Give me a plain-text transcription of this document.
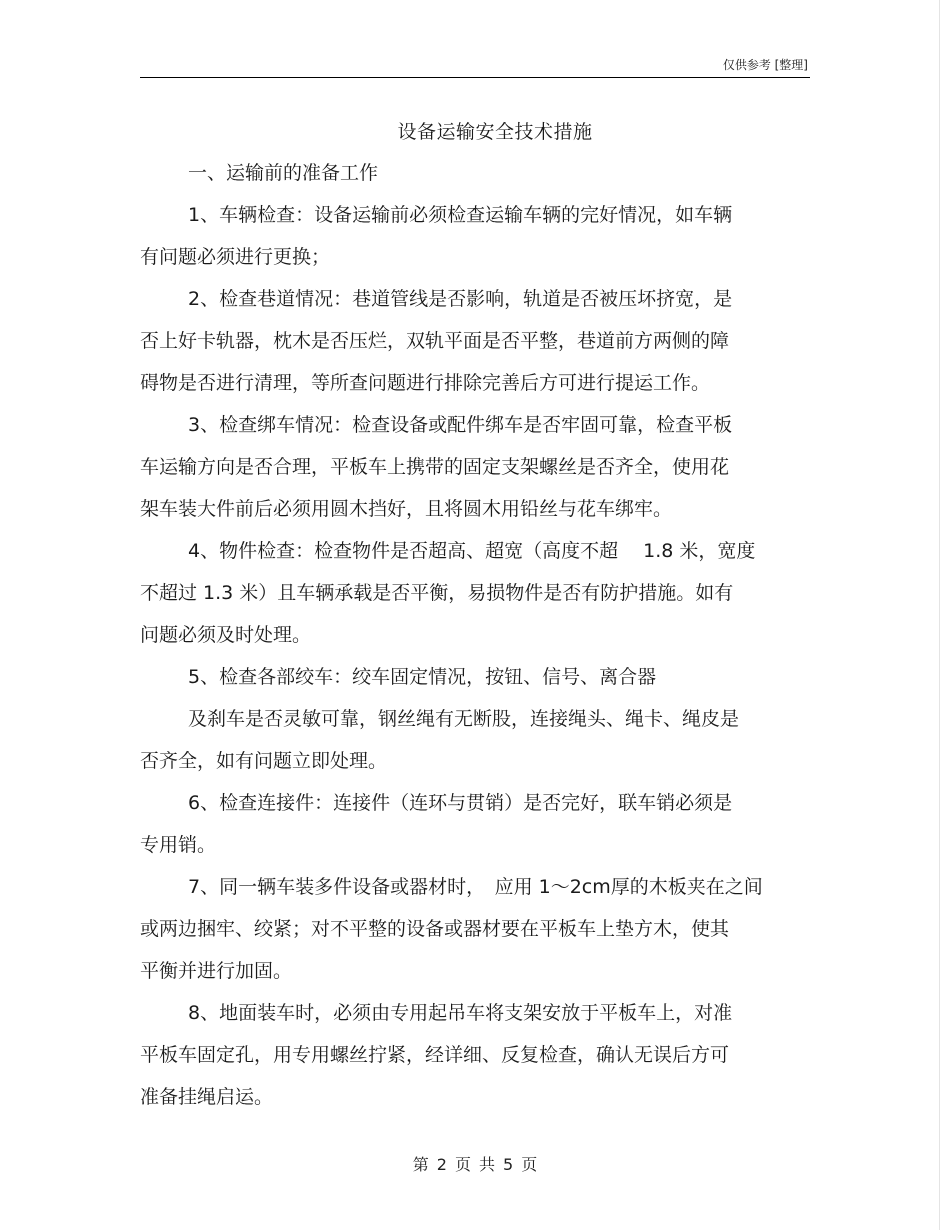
仅供参考 [整理]
设备运输安全技术措施
一、运输前的准备工作
1、车辆检查：设备运输前必须检查运输车辆的完好情况，如车辆
有问题必须进行更换；
2、检查巷道情况：巷道管线是否影响，轨道是否被压坏挤宽，是
否上好卡轨器，枕木是否压烂，双轨平面是否平整，巷道前方两侧的障
碍物是否进行清理，等所查问题进行排除完善后方可进行提运工作。
3、检查绑车情况：检查设备或配件绑车是否牢固可靠，检查平板
车运输方向是否合理，平板车上携带的固定支架螺丝是否齐全，使用花
架车装大件前后必须用圆木挡好，且将圆木用铅丝与花车绑牢。
4、物件检查：检查物件是否超高、超宽（高度不超　 1.8 米，宽度
不超过 1.3 米）且车辆承载是否平衡，易损物件是否有防护措施。如有
问题必须及时处理。
5、检查各部绞车：绞车固定情况，按钮、信号、离合器
及刹车是否灵敏可靠，钢丝绳有无断股，连接绳头、绳卡、绳皮是
否齐全，如有问题立即处理。
6、检查连接件：连接件（连环与贯销）是否完好，联车销必须是
专用销。
7、同一辆车装多件设备或器材时，　应用 1～2cm厚的木板夹在之间
或两边捆牢、绞紧；对不平整的设备或器材要在平板车上垫方木，使其
平衡并进行加固。
8、地面装车时，必须由专用起吊车将支架安放于平板车上，对准
平板车固定孔，用专用螺丝拧紧，经详细、反复检查，确认无误后方可
准备挂绳启运。
第 2 页 共 5 页
